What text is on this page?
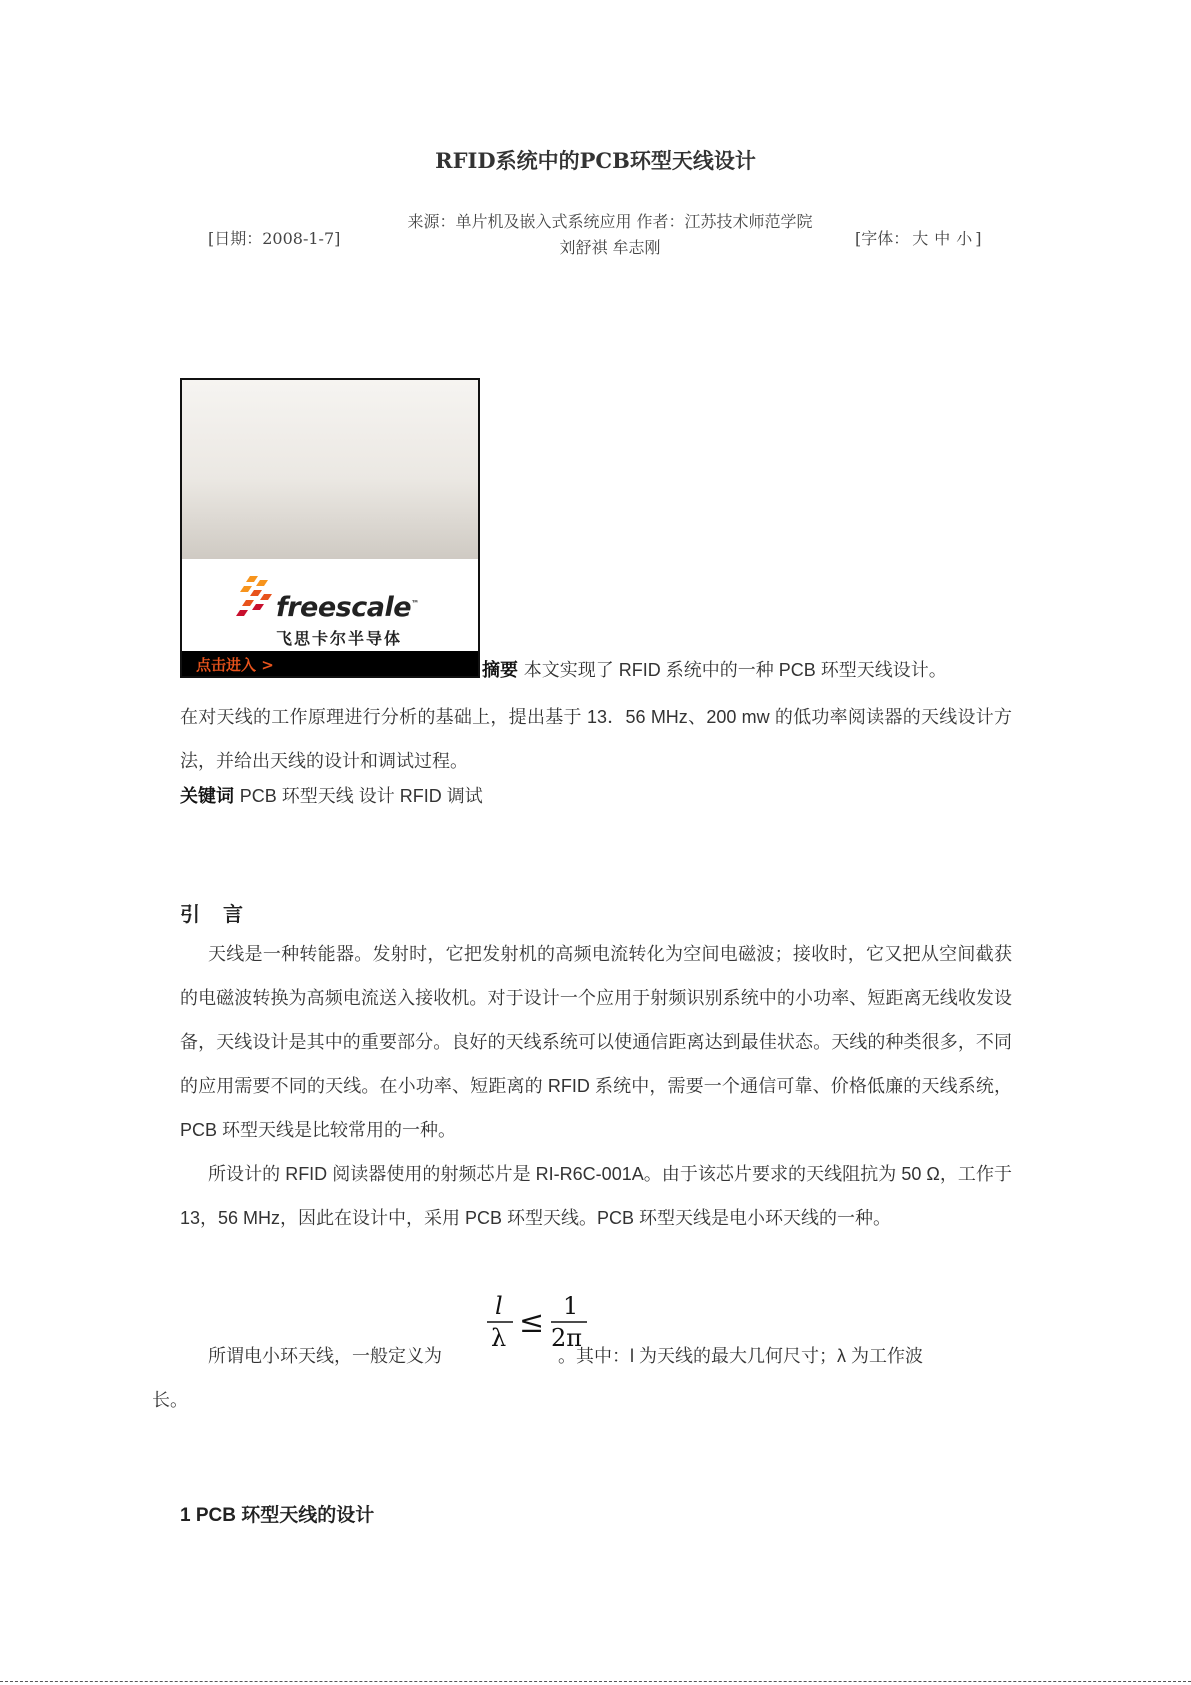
RFID系统中的PCB环型天线设计
[日期：2008-1-7]
来源：单片机及嵌入式系统应用 作者：江苏技术师范学院
刘舒祺 牟志刚	[字体： 大 中 小 ]
freescale™
飞思卡尔半导体
点击进入 >	摘要 本文实现了 RFID 系统中的一种 PCB 环型天线设计。
在对天线的工作原理进行分析的基础上，提出基于 13．56 MHz、200 mw 的低功率阅读器的天线设计方法，并给出天线的设计和调试过程。
关键词 PCB 环型天线 设计 RFID 调试
引 言
天线是一种转能器。发射时，它把发射机的高频电流转化为空间电磁波；接收时，它又把从空间截获的电磁波转换为高频电流送入接收机。对于设计一个应用于射频识别系统中的小功率、短距离无线收发设备，天线设计是其中的重要部分。良好的天线系统可以使通信距离达到最佳状态。天线的种类很多，不同的应用需要不同的天线。在小功率、短距离的 RFID 系统中，需要一个通信可靠、价格低廉的天线系统，PCB 环型天线是比较常用的一种。
所设计的 RFID 阅读器使用的射频芯片是 RI-R6C-001A。由于该芯片要求的天线阻抗为 50 Ω，工作于 13，56 MHz，因此在设计中，采用 PCB 环型天线。PCB 环型天线是电小环天线的一种。
所谓电小环天线，一般定义为	。其中：l 为天线的最大几何尺寸；λ 为工作波
长。
l
λ ≤ 1
2π
1 PCB 环型天线的设计
